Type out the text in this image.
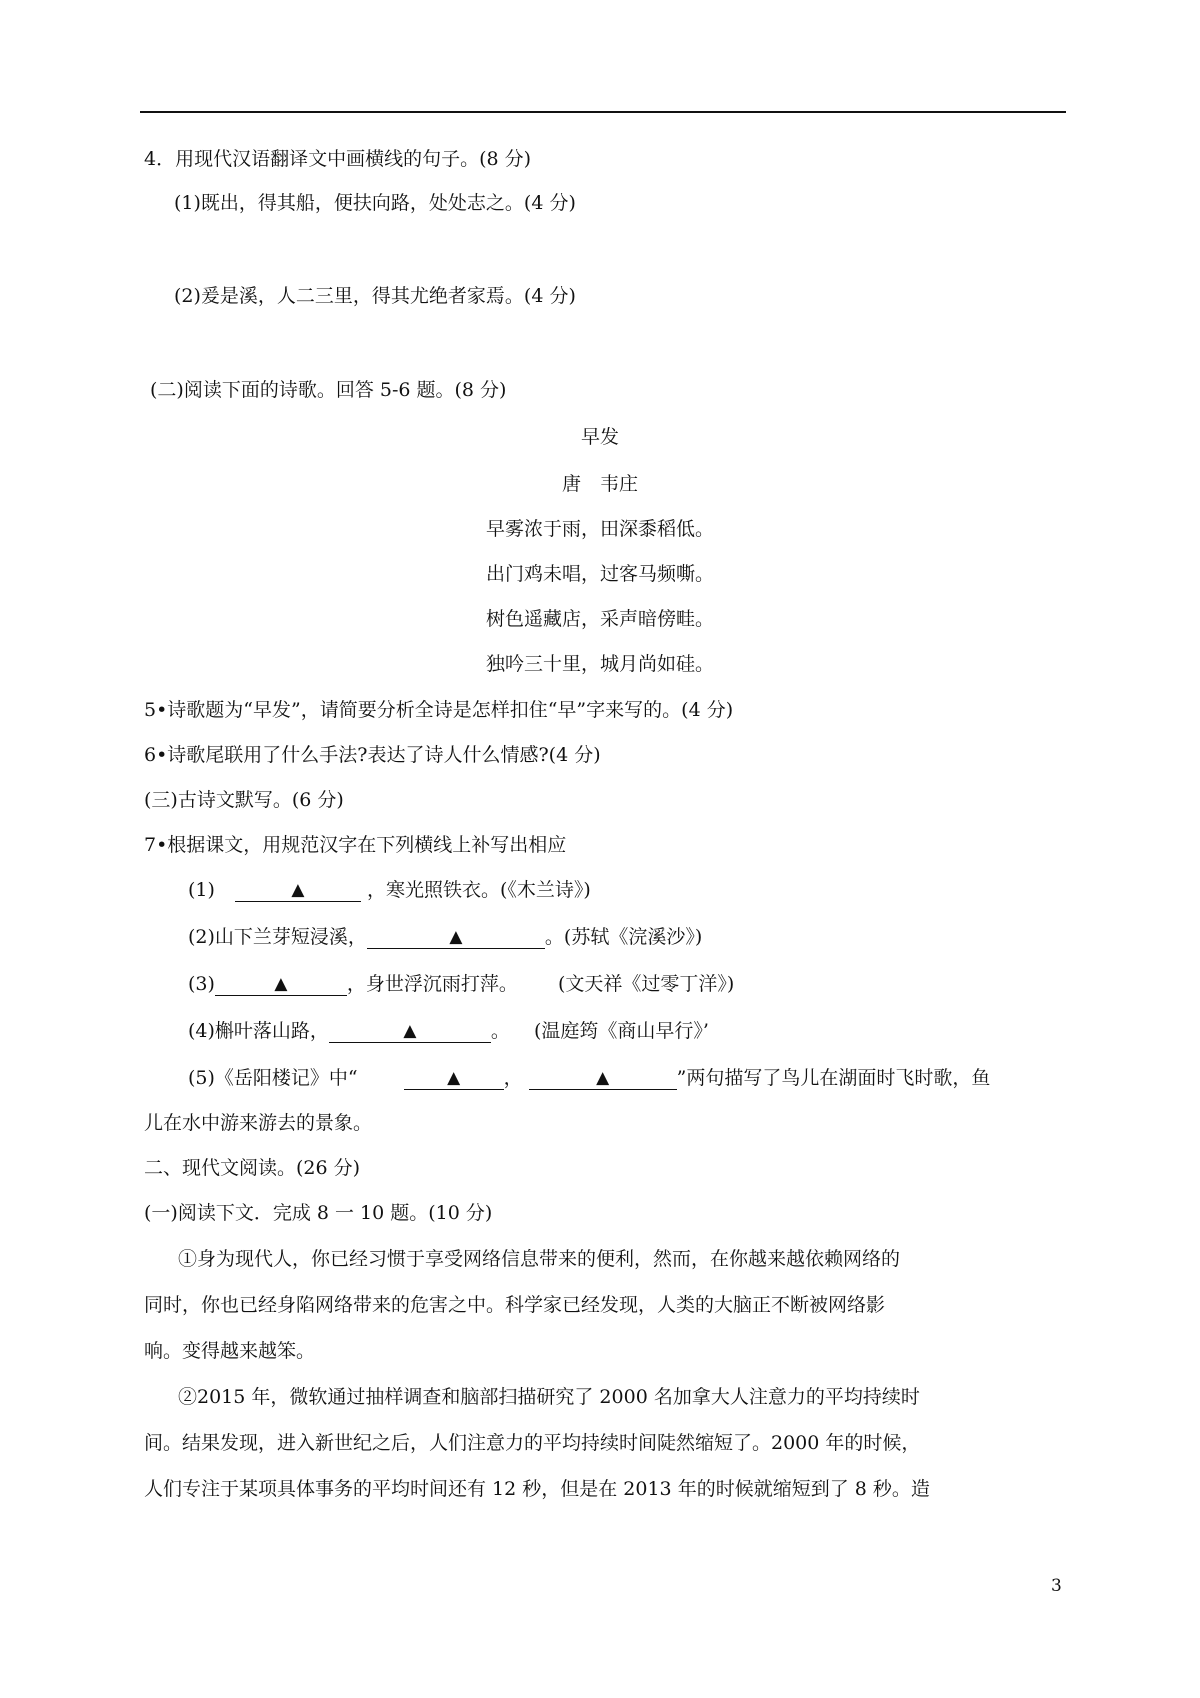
4．用现代汉语翻译文中画横线的句子。(8 分)
(1)既出，得其船，便扶向路，处处志之。(4 分)
(2)爰是溪，人二三里，得其尤绝者家焉。(4 分)
(二)阅读下面的诗歌。回答 5-6 题。(8 分)
早发
唐　韦庄
早雾浓于雨，田深黍稻低。
出门鸡未唱，过客马频嘶。
树色遥藏店，采声暗傍畦。
独吟三十里，城月尚如硅。
5•诗歌题为“早发”，请简要分析全诗是怎样扣住“早”字来写的。(4 分)
6•诗歌尾联用了什么手法?表达了诗人什么情感?(4 分)
(三)古诗文默写。(6 分)
7•根据课文，用规范汉字在下列横线上补写出相应
(1)	▲	，寒光照铁衣。(《木兰诗》)
(2)山下兰芽短浸溪，	▲	。(苏轼《浣溪沙》)
(3)	▲	，身世浮沉雨打萍。 (文天祥《过零丁洋》)
(4)槲叶落山路，	▲	。 (温庭筠《商山早行》’
(5)《岳阳楼记》中“	▲ ，	▲	”两句描写了鸟儿在湖面时飞时歌，鱼
儿在水中游来游去的景象。
二、现代文阅读。(26 分)
(一)阅读下文．完成 8 一 10 题。(10 分)
①身为现代人，你已经习惯于享受网络信息带来的便利，然而，在你越来越依赖网络的
同时，你也已经身陷网络带来的危害之中。科学家已经发现，人类的大脑正不断被网络影
响。变得越来越笨。
②2015 年，微软通过抽样调查和脑部扫描研究了 2000 名加拿大人注意力的平均持续时
间。结果发现，进入新世纪之后，人们注意力的平均持续时间陡然缩短了。2000 年的时候，
人们专注于某项具体事务的平均时间还有 12 秒，但是在 2013 年的时候就缩短到了 8 秒。造
3
